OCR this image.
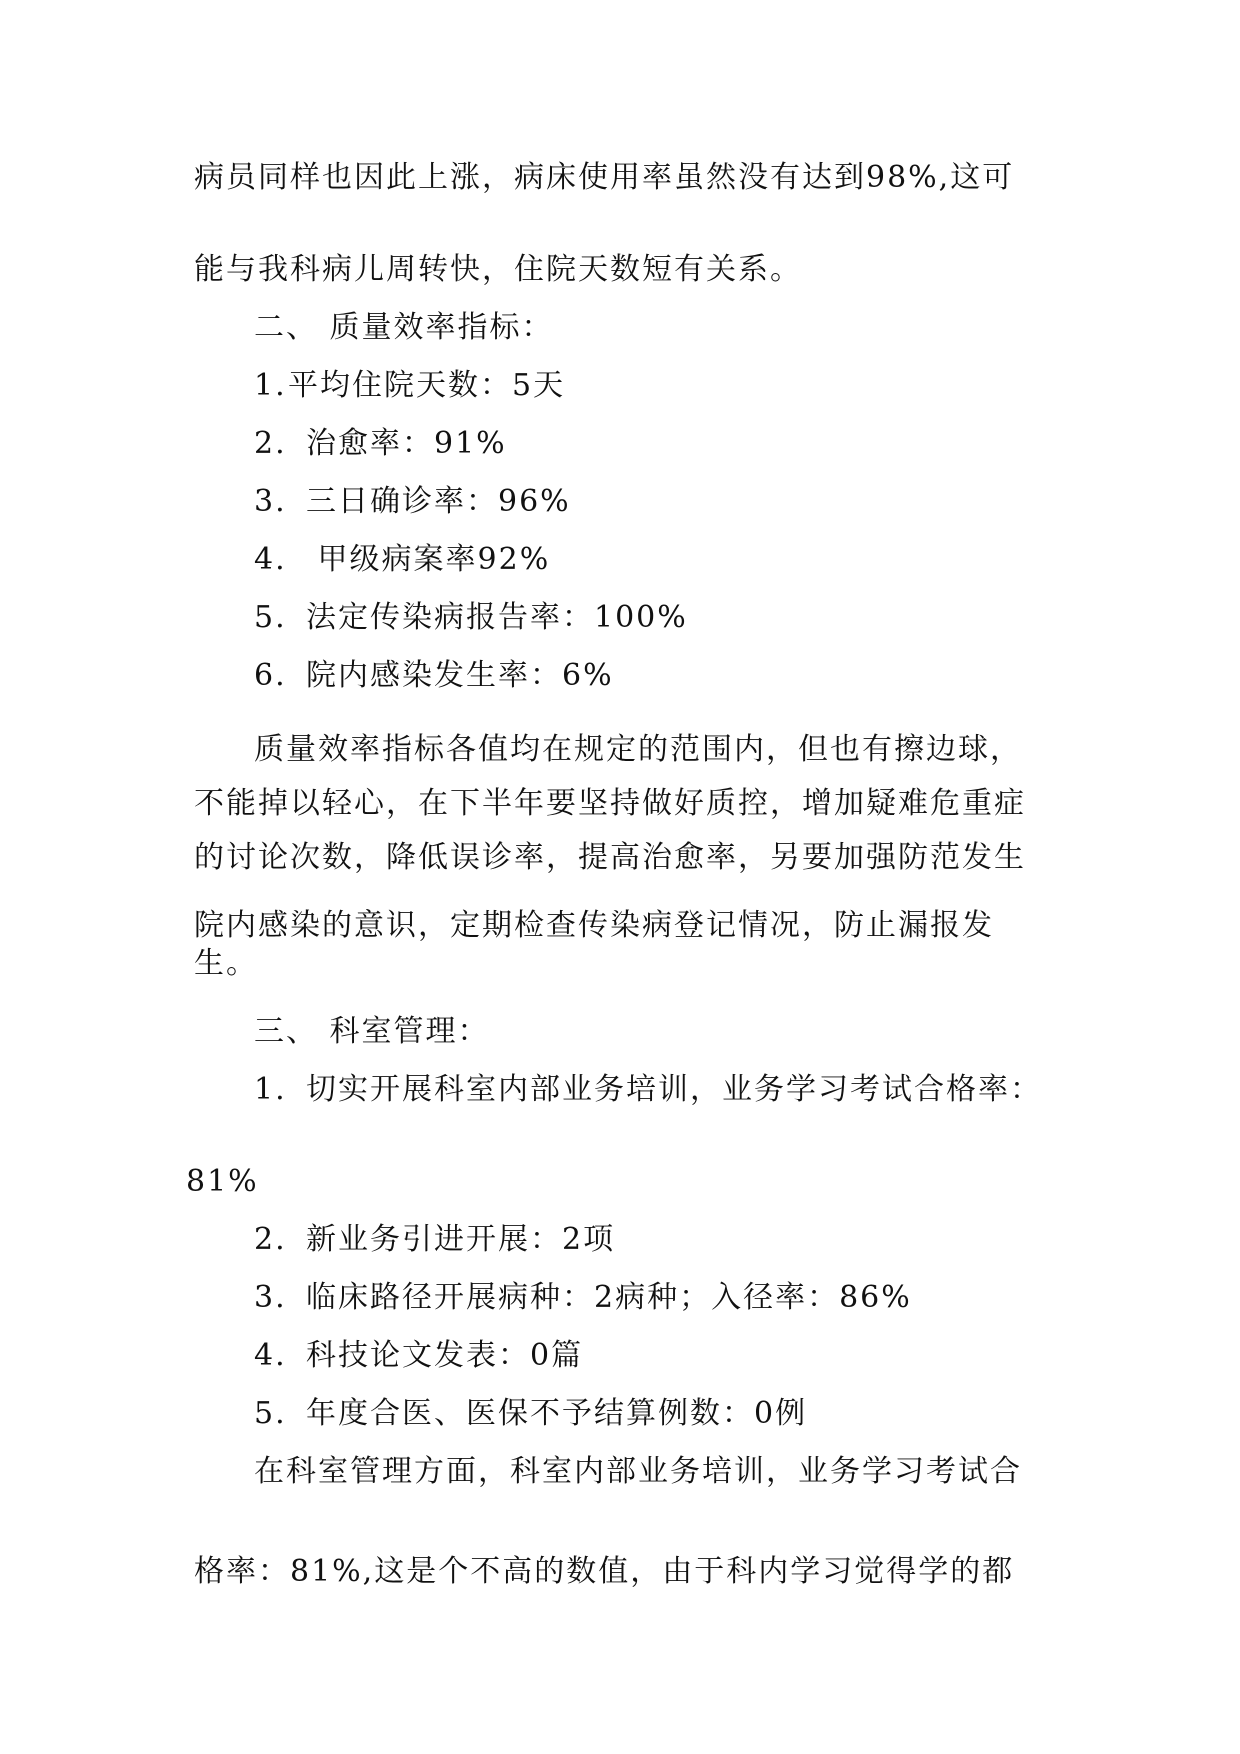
病员同样也因此上涨，病床使用率虽然没有达到98%,这可
能与我科病儿周转快，住院天数短有关系。
二、 质量效率指标：
1.平均住院天数：5天
2. 治愈率：91%
3. 三日确诊率：96%
4. 甲级病案率92%
5. 法定传染病报告率：100%
6. 院内感染发生率：6%
质量效率指标各值均在规定的范围内，但也有擦边球，
不能掉以轻心，在下半年要坚持做好质控，增加疑难危重症
的讨论次数，降低误诊率，提高治愈率，另要加强防范发生
院内感染的意识，定期检查传染病登记情况，防止漏报发
生。
三、 科室管理：
1. 切实开展科室内部业务培训，业务学习考试合格率：
81%
2. 新业务引进开展：2项
3. 临床路径开展病种：2病种；入径率：86%
4. 科技论文发表：0篇
5. 年度合医、医保不予结算例数：0例
在科室管理方面，科室内部业务培训，业务学习考试合
格率：81%,这是个不高的数值，由于科内学习觉得学的都
